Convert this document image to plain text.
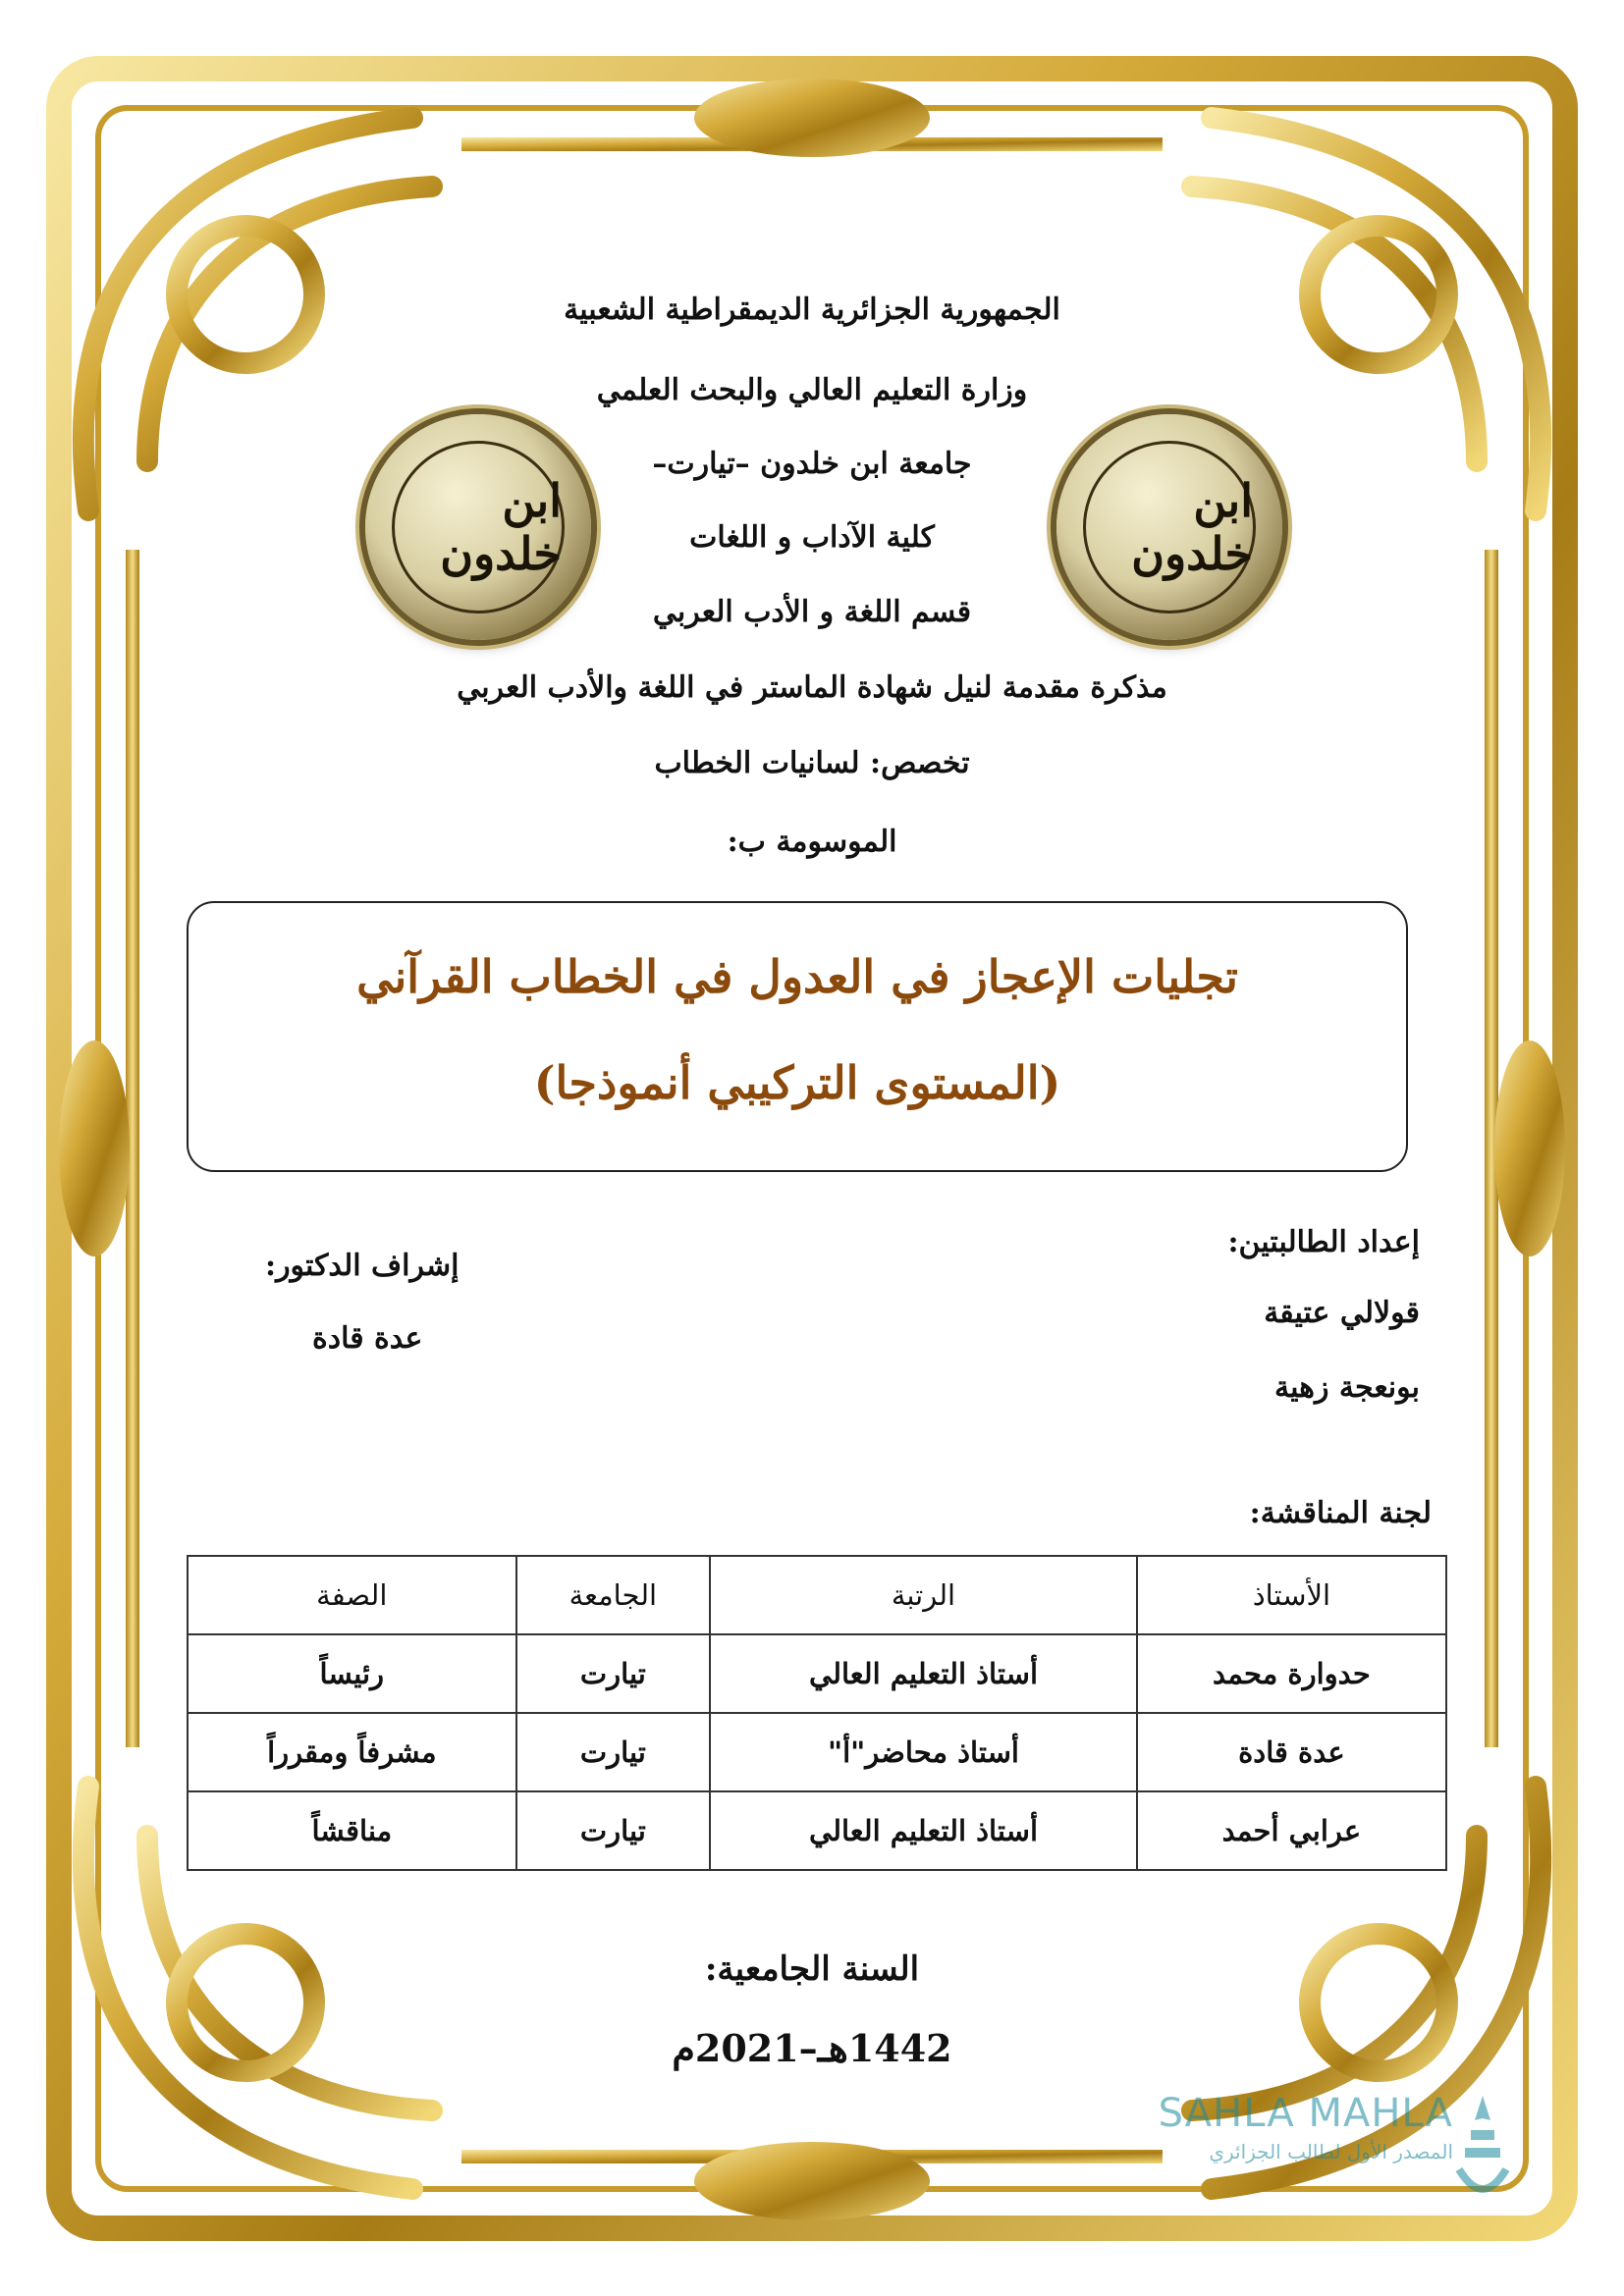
الجمهورية الجزائرية الديمقراطية الشعبية
وزارة التعليم العالي والبحث العلمي
جامعة ابن خلدون –تيارت–
كلية الآداب و اللغات
قسم اللغة و الأدب العربي
مذكرة مقدمة لنيل شهادة الماستر في اللغة والأدب العربي
تخصص: لسانيات الخطاب
الموسومة ب:
ابن خلدون
ابن خلدون
تجليات الإعجاز في العدول في الخطاب القرآني
(المستوى التركيبي أنموذجا)
إعداد الطالبتين:
قولالي عتيقة
بونعجة زهية
إشراف الدكتور:
عدة قادة
لجنة المناقشة:
الأستاذ	الرتبة	الجامعة	الصفة
حدوارة محمد	أستاذ التعليم العالي	تيارت	رئيساً
عدة قادة	أستاذ محاضر"أ"	تيارت	مشرفاً ومقرراً
عرابي أحمد	أستاذ التعليم العالي	تيارت	مناقشاً
السنة الجامعية:
1442هـ–2021م
SAHLA MAHLA
المصدر الأول لطالب الجزائري
